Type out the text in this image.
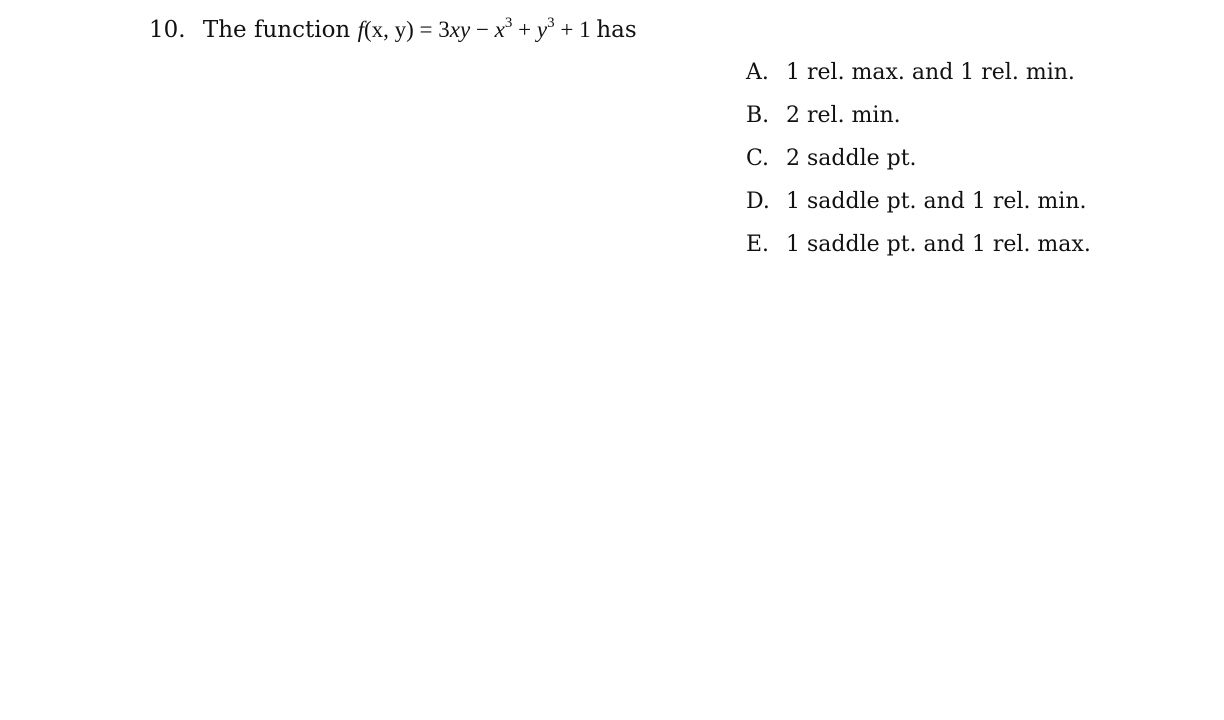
10. The function f(x, $y) = 3xy - x^3 + y^3 + 1$ has
A. 1 rel. max. and 1 rel. min.
B. 2 rel. min.
C. 2 saddle pt.
D. 1 saddle pt. and 1 rel. min.
E. 1 saddle pt. and 1 rel. max.
